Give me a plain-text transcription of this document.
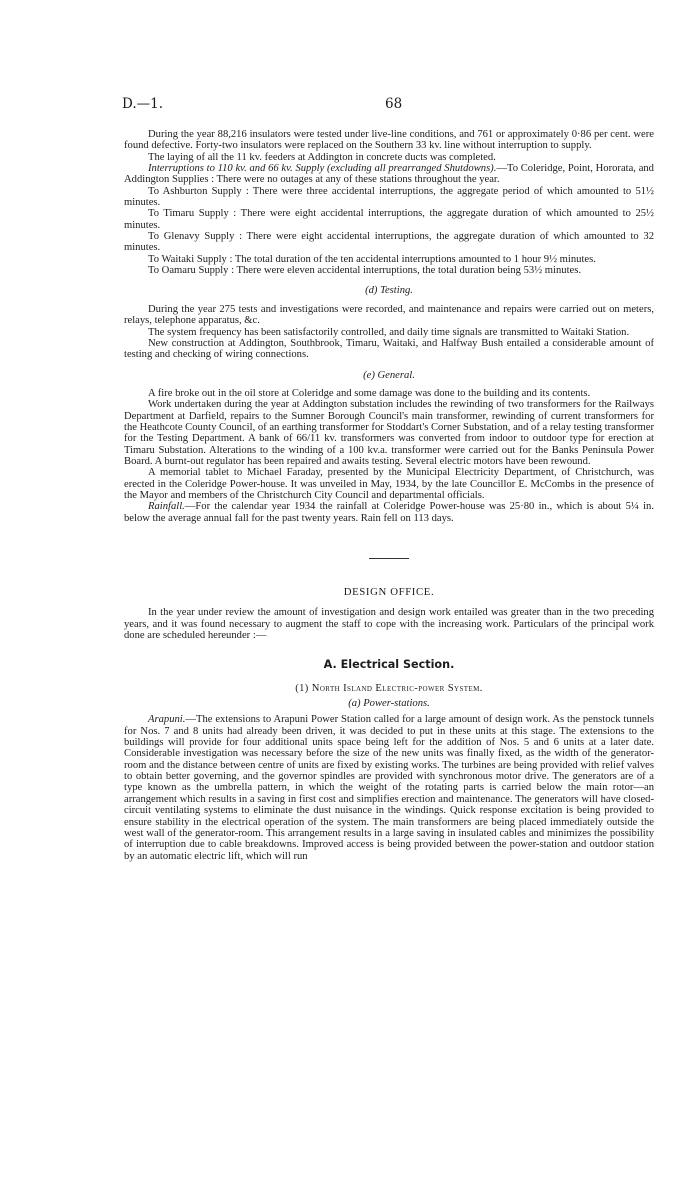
D.—1.	68

During the year 88,216 insulators were tested under live-line conditions, and 761 or approximately 0·86 per cent. were found defective. Forty-two insulators were replaced on the Southern 33 kv. line without interruption to supply.

The laying of all the 11 kv. feeders at Addington in concrete ducts was completed.

Interruptions to 110 kv. and 66 kv. Supply (excluding all prearranged Shutdowns).—To Coleridge, Point, Hororata, and Addington Supplies : There were no outages at any of these stations throughout the year.

To Ashburton Supply : There were three accidental interruptions, the aggregate period of which amounted to 51½ minutes.

To Timaru Supply : There were eight accidental interruptions, the aggregate duration of which amounted to 25½ minutes.

To Glenavy Supply : There were eight accidental interruptions, the aggregate duration of which amounted to 32 minutes.

To Waitaki Supply : The total duration of the ten accidental interruptions amounted to 1 hour 9½ minutes.

To Oamaru Supply : There were eleven accidental interruptions, the total duration being 53½ minutes.

(d) Testing.

During the year 275 tests and investigations were recorded, and maintenance and repairs were carried out on meters, relays, telephone apparatus, &c.

The system frequency has been satisfactorily controlled, and daily time signals are transmitted to Waitaki Station.

New construction at Addington, Southbrook, Timaru, Waitaki, and Halfway Bush entailed a considerable amount of testing and checking of wiring connections.

(e) General.

A fire broke out in the oil store at Coleridge and some damage was done to the building and its contents.

Work undertaken during the year at Addington substation includes the rewinding of two transformers for the Railways Department at Darfield, repairs to the Sumner Borough Council's main transformer, rewinding of current transformers for the Heathcote County Council, of an earthing transformer for Stoddart's Corner Substation, and of a relay testing transformer for the Testing Department. A bank of 66/11 kv. transformers was converted from indoor to outdoor type for erection at Timaru Substation. Alterations to the winding of a 100 kv.a. transformer were carried out for the Banks Peninsula Power Board. A burnt-out regulator has been repaired and awaits testing. Several electric motors have been rewound.

A memorial tablet to Michael Faraday, presented by the Municipal Electricity Department, of Christchurch, was erected in the Coleridge Power-house. It was unveiled in May, 1934, by the late Councillor E. McCombs in the presence of the Mayor and members of the Christchurch City Council and departmental officials.

Rainfall.—For the calendar year 1934 the rainfall at Coleridge Power-house was 25·80 in., which is about 5¼ in. below the average annual fall for the past twenty years. Rain fell on 113 days.

DESIGN OFFICE.

In the year under review the amount of investigation and design work entailed was greater than in the two preceding years, and it was found necessary to augment the staff to cope with the increasing work. Particulars of the principal work done are scheduled hereunder :—

A. Electrical Section.

(1) North Island Electric-power System.

(a) Power-stations.

Arapuni.—The extensions to Arapuni Power Station called for a large amount of design work. As the penstock tunnels for Nos. 7 and 8 units had already been driven, it was decided to put in these units at this stage. The extensions to the buildings will provide for four additional units space being left for the addition of Nos. 5 and 6 units at a later date. Considerable investigation was necessary before the size of the new units was finally fixed, as the width of the generator-room and the distance between centre of units are fixed by existing works. The turbines are being provided with relief valves to obtain better governing, and the governor spindles are provided with synchronous motor drive. The generators are of a type known as the umbrella pattern, in which the weight of the rotating parts is carried below the main rotor—an arrangement which results in a saving in first cost and simplifies erection and maintenance. The generators will have closed-circuit ventilating systems to eliminate the dust nuisance in the windings. Quick response excitation is being provided to ensure stability in the electrical operation of the system. The main transformers are being placed immediately outside the west wall of the generator-room. This arrangement results in a large saving in insulated cables and minimizes the possibility of interruption due to cable breakdowns. Improved access is being provided between the power-station and outdoor station by an automatic electric lift, which will run
